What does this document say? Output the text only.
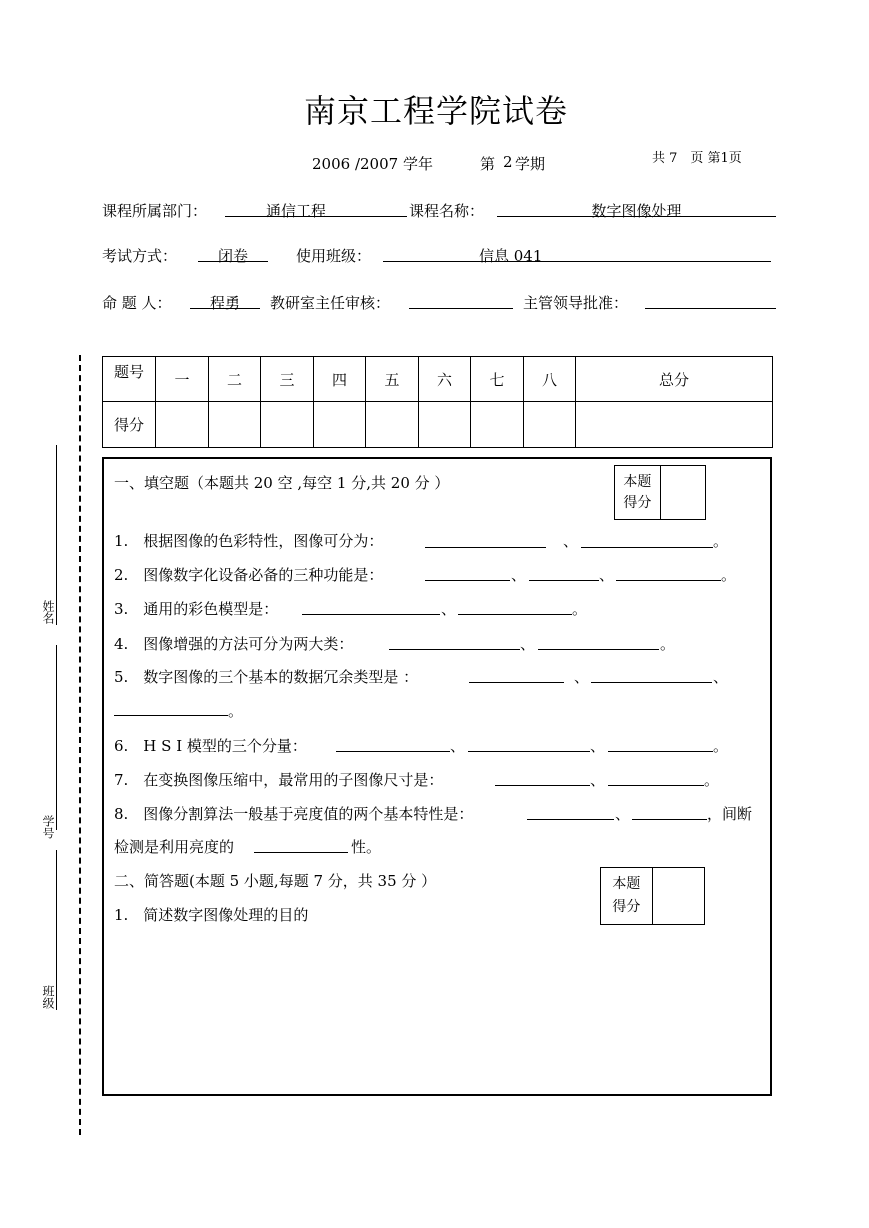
南京工程学院试卷
2006 /2007 学年	第 2 学期	共 7　页 第1页
课程所属部门：	通信工程	课程名称：	数字图像处理
考试方式：	闭卷	使用班级：	信息 041
命 题 人：	程勇	教研室主任审核：	主管领导批准：
姓名
学号
班级
题号	一	二	三	四	五	六	七	八	总分
得分									
一、填空题（本题共 20 空 ,每空 1 分,共 20 分 ）	本题
得分	
1.　根据图像的色彩特性，图像可分为：	、	。
2.　图像数字化设备必备的三种功能是：	、	、	。
3.　通用的彩色模型是：	、	。
4.　图像增强的方法可分为两大类：	、	。
5.　数字图像的三个基本的数据冗余类型是 ：	、	、
。
6.　H S I 模型的三个分量：	、	、	。
7.　在变换图像压缩中，最常用的子图像尺寸是：	、	。
8.　图像分割算法一般基于亮度值的两个基本特性是：	、	，间断
检测是利用亮度的	性。
二、简答题(本题 5 小题,每题 7 分，共 35 分 ）	本题
得分	
1.　简述数字图像处理的目的
